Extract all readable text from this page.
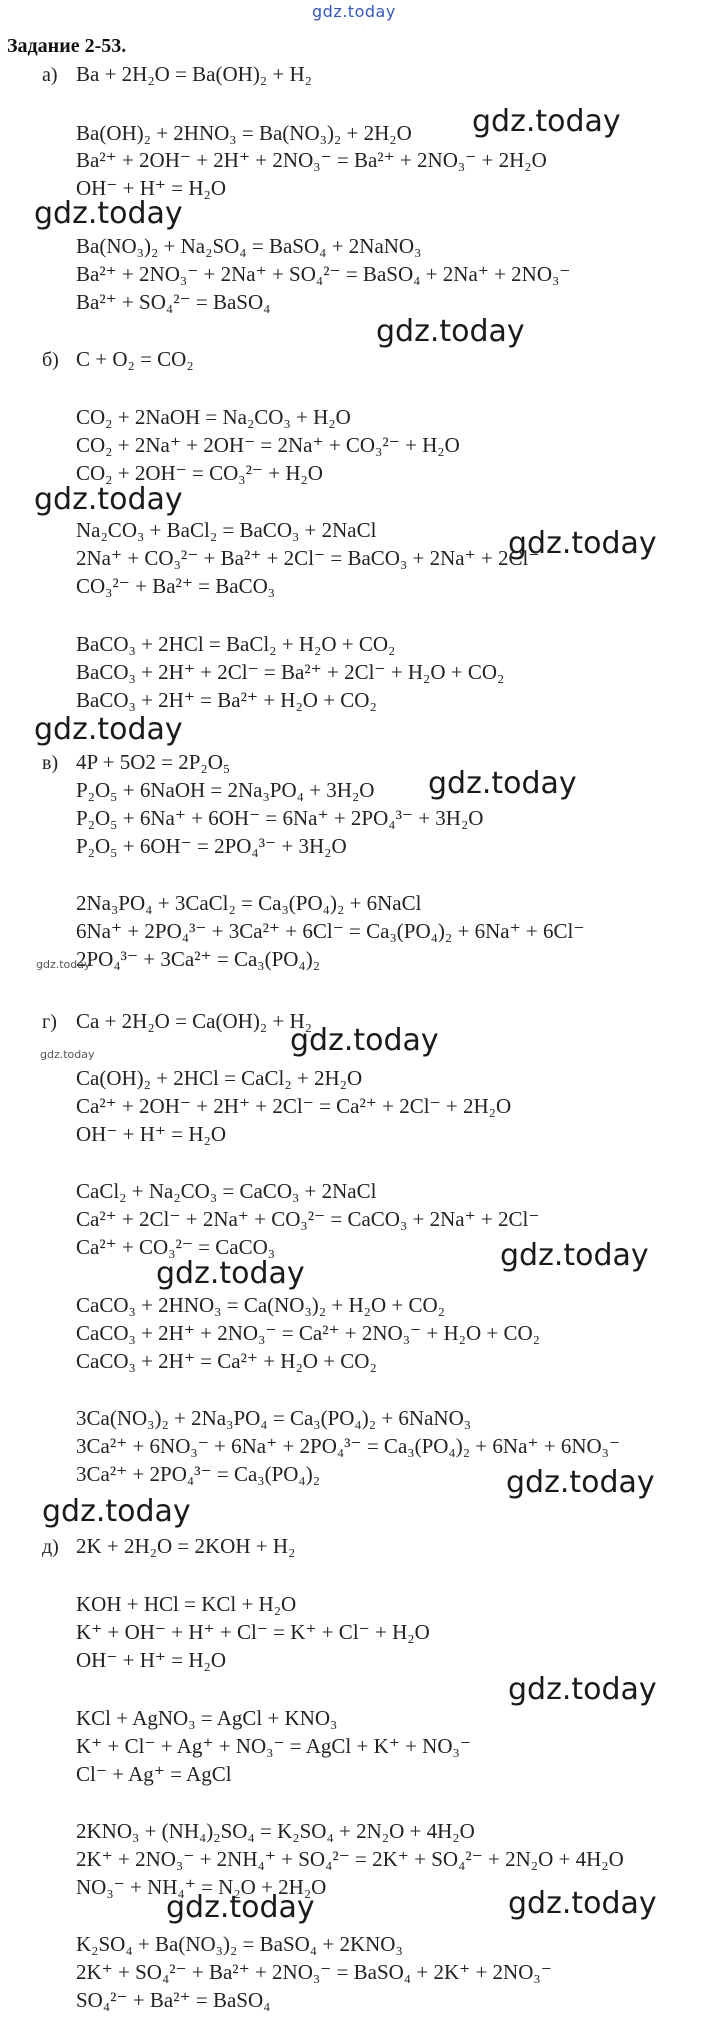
gdz.today
Задание 2-53.
а)
б)
в)
г)
д)
Ba + 2H₂O = Ba(OH)₂ + H₂
Ba(OH)₂ + 2HNO₃ = Ba(NO₃)₂ + 2H₂O
Ba²⁺ + 2OH⁻ + 2H⁺ + 2NO₃⁻ = Ba²⁺ + 2NO₃⁻ + 2H₂O
OH⁻ + H⁺ = H₂O
Ba(NO₃)₂ + Na₂SO₄ = BaSO₄ + 2NaNO₃
Ba²⁺ + 2NO₃⁻ + 2Na⁺ + SO₄²⁻ = BaSO₄ + 2Na⁺ + 2NO₃⁻
Ba²⁺ + SO₄²⁻ = BaSO₄
C + O₂ = CO₂
CO₂ + 2NaOH = Na₂CO₃ + H₂O
CO₂ + 2Na⁺ + 2OH⁻ = 2Na⁺ + CO₃²⁻ + H₂O
CO₂ + 2OH⁻ = CO₃²⁻ + H₂O
Na₂CO₃ + BaCl₂ = BaCO₃ + 2NaCl
2Na⁺ + CO₃²⁻ + Ba²⁺ + 2Cl⁻ = BaCO₃ + 2Na⁺ + 2Cl⁻
CO₃²⁻ + Ba²⁺ = BaCO₃
BaCO₃ + 2HCl = BaCl₂ + H₂O + CO₂
BaCO₃ + 2H⁺ + 2Cl⁻ = Ba²⁺ + 2Cl⁻ + H₂O + CO₂
BaCO₃ + 2H⁺ = Ba²⁺ + H₂O + CO₂
4P + 5O2 = 2P₂O₅
P₂O₅ + 6NaOH = 2Na₃PO₄ + 3H₂O
P₂O₅ + 6Na⁺ + 6OH⁻ = 6Na⁺ + 2PO₄³⁻ + 3H₂O
P₂O₅ + 6OH⁻ = 2PO₄³⁻ + 3H₂O
2Na₃PO₄ + 3CaCl₂ = Ca₃(PO₄)₂ + 6NaCl
6Na⁺ + 2PO₄³⁻ + 3Ca²⁺ + 6Cl⁻ = Ca₃(PO₄)₂ + 6Na⁺ + 6Cl⁻
2PO₄³⁻ + 3Ca²⁺ = Ca₃(PO₄)₂
Ca + 2H₂O = Ca(OH)₂ + H₂
Ca(OH)₂ + 2HCl = CaCl₂ + 2H₂O
Ca²⁺ + 2OH⁻ + 2H⁺ + 2Cl⁻ = Ca²⁺ + 2Cl⁻ + 2H₂O
OH⁻ + H⁺ = H₂O
CaCl₂ + Na₂CO₃ = CaCO₃ + 2NaCl
Ca²⁺ + 2Cl⁻ + 2Na⁺ + CO₃²⁻ = CaCO₃ + 2Na⁺ + 2Cl⁻
Ca²⁺ + CO₃²⁻ = CaCO₃
CaCO₃ + 2HNO₃ = Ca(NO₃)₂ + H₂O + CO₂
CaCO₃ + 2H⁺ + 2NO₃⁻ = Ca²⁺ + 2NO₃⁻ + H₂O + CO₂
CaCO₃ + 2H⁺ = Ca²⁺ + H₂O + CO₂
3Ca(NO₃)₂ + 2Na₃PO₄ = Ca₃(PO₄)₂ + 6NaNO₃
3Ca²⁺ + 6NO₃⁻ + 6Na⁺ + 2PO₄³⁻ = Ca₃(PO₄)₂ + 6Na⁺ + 6NO₃⁻
3Ca²⁺ + 2PO₄³⁻ = Ca₃(PO₄)₂
2K + 2H₂O = 2KOH + H₂
KOH + HCl = KCl + H₂O
K⁺ + OH⁻ + H⁺ + Cl⁻ = K⁺ + Cl⁻ + H₂O
OH⁻ + H⁺ = H₂O
KCl + AgNO₃ = AgCl + KNO₃
K⁺ + Cl⁻ + Ag⁺ + NO₃⁻ = AgCl + K⁺ + NO₃⁻
Cl⁻ + Ag⁺ = AgCl
2KNO₃ + (NH₄)₂SO₄ = K₂SO₄ + 2N₂O + 4H₂O
2K⁺ + 2NO₃⁻ + 2NH₄⁺ + SO₄²⁻ = 2K⁺ + SO₄²⁻ + 2N₂O + 4H₂O
NO₃⁻ + NH₄⁺ = N₂O + 2H₂O
K₂SO₄ + Ba(NO₃)₂ = BaSO₄ + 2KNO₃
2K⁺ + SO₄²⁻ + Ba²⁺ + 2NO₃⁻ = BaSO₄ + 2K⁺ + 2NO₃⁻
SO₄²⁻ + Ba²⁺ = BaSO₄
gdz.today
gdz.today
gdz.today
gdz.today
gdz.today
gdz.today
gdz.today
gdz.today
gdz.today
gdz.today
gdz.today
gdz.today
gdz.today
gdz.today	gdz.today
gdz.today
gdz.today
